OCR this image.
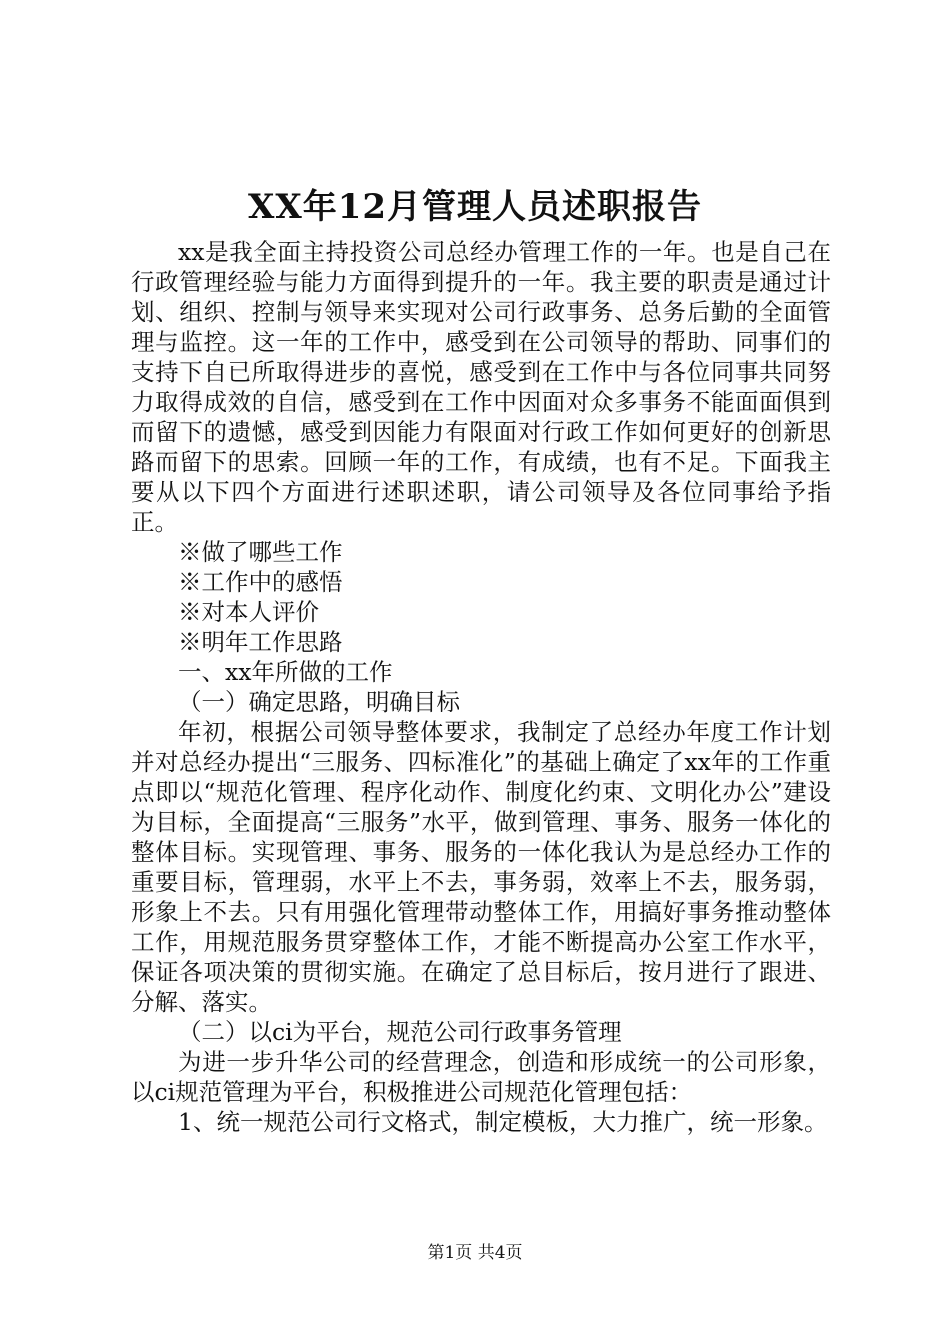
XX年12月管理人员述职报告

xx是我全面主持投资公司总经办管理工作的一年。也是自己在行政管理经验与能力方面得到提升的一年。我主要的职责是通过计划、组织、控制与领导来实现对公司行政事务、总务后勤的全面管理与监控。这一年的工作中，感受到在公司领导的帮助、同事们的支持下自已所取得进步的喜悦，感受到在工作中与各位同事共同努力取得成效的自信，感受到在工作中因面对众多事务不能面面俱到而留下的遗憾，感受到因能力有限面对行政工作如何更好的创新思路而留下的思索。回顾一年的工作，有成绩，也有不足。下面我主要从以下四个方面进行述职述职，请公司领导及各位同事给予指正。

※做了哪些工作

※工作中的感悟

※对本人评价

※明年工作思路

一、xx年所做的工作

（一）确定思路，明确目标

年初，根据公司领导整体要求，我制定了总经办年度工作计划并对总经办提出“三服务、四标准化”的基础上确定了xx年的工作重点即以“规范化管理、程序化动作、制度化约束、文明化办公”建设为目标，全面提高“三服务”水平，做到管理、事务、服务一体化的整体目标。实现管理、事务、服务的一体化我认为是总经办工作的重要目标，管理弱，水平上不去，事务弱，效率上不去，服务弱，形象上不去。只有用强化管理带动整体工作，用搞好事务推动整体工作，用规范服务贯穿整体工作，才能不断提高办公室工作水平，保证各项决策的贯彻实施。在确定了总目标后，按月进行了跟进、分解、落实。

（二）以ci为平台，规范公司行政事务管理

为进一步升华公司的经营理念，创造和形成统一的公司形象，以ci规范管理为平台，积极推进公司规范化管理包括：

1、统一规范公司行文格式，制定模板，大力推广，统一形象。

第1页 共4页
